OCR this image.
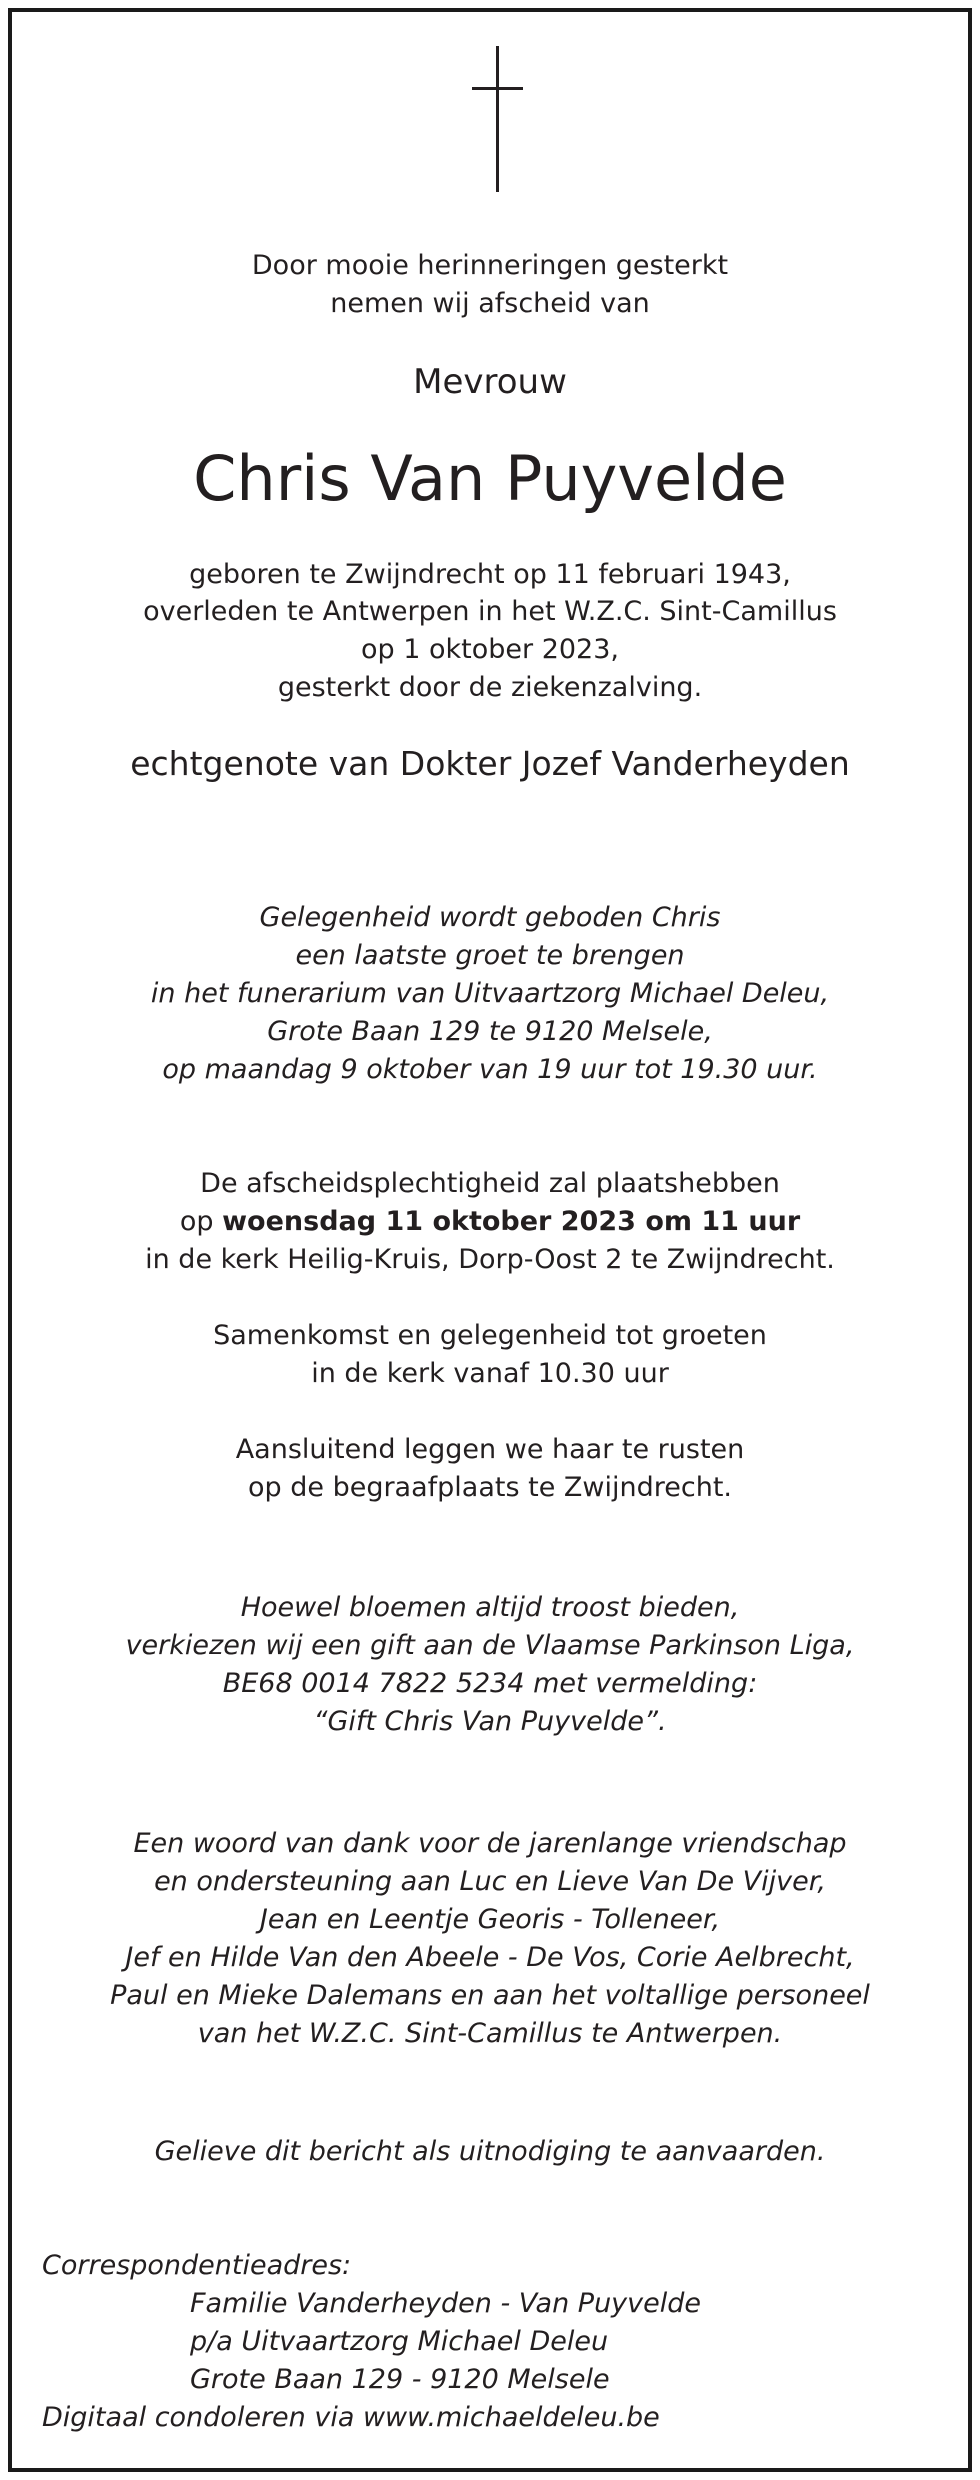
Door mooie herinneringen gesterkt
nemen wij afscheid van
Mevrouw
Chris Van Puyvelde
geboren te Zwijndrecht op 11 februari 1943,
overleden te Antwerpen in het W.Z.C. Sint-Camillus
op 1 oktober 2023,
gesterkt door de ziekenzalving.
echtgenote van Dokter Jozef Vanderheyden
Gelegenheid wordt geboden Chris
een laatste groet te brengen
in het funerarium van Uitvaartzorg Michael Deleu,
Grote Baan 129 te 9120 Melsele,
op maandag 9 oktober van 19 uur tot 19.30 uur.
De afscheidsplechtigheid zal plaatshebben
op woensdag 11 oktober 2023 om 11 uur
in de kerk Heilig-Kruis, Dorp-Oost 2 te Zwijndrecht.
Samenkomst en gelegenheid tot groeten
in de kerk vanaf 10.30 uur
Aansluitend leggen we haar te rusten
op de begraafplaats te Zwijndrecht.
Hoewel bloemen altijd troost bieden,
verkiezen wij een gift aan de Vlaamse Parkinson Liga,
BE68 0014 7822 5234 met vermelding:
“Gift Chris Van Puyvelde”.
Een woord van dank voor de jarenlange vriendschap
en ondersteuning aan Luc en Lieve Van De Vijver,
Jean en Leentje Georis - Tolleneer,
Jef en Hilde Van den Abeele - De Vos, Corie Aelbrecht,
Paul en Mieke Dalemans en aan het voltallige personeel
van het W.Z.C. Sint-Camillus te Antwerpen.
Gelieve dit bericht als uitnodiging te aanvaarden.
Correspondentieadres:
Familie Vanderheyden - Van Puyvelde
p/a Uitvaartzorg Michael Deleu
Grote Baan 129 - 9120 Melsele
Digitaal condoleren via www.michaeldeleu.be
